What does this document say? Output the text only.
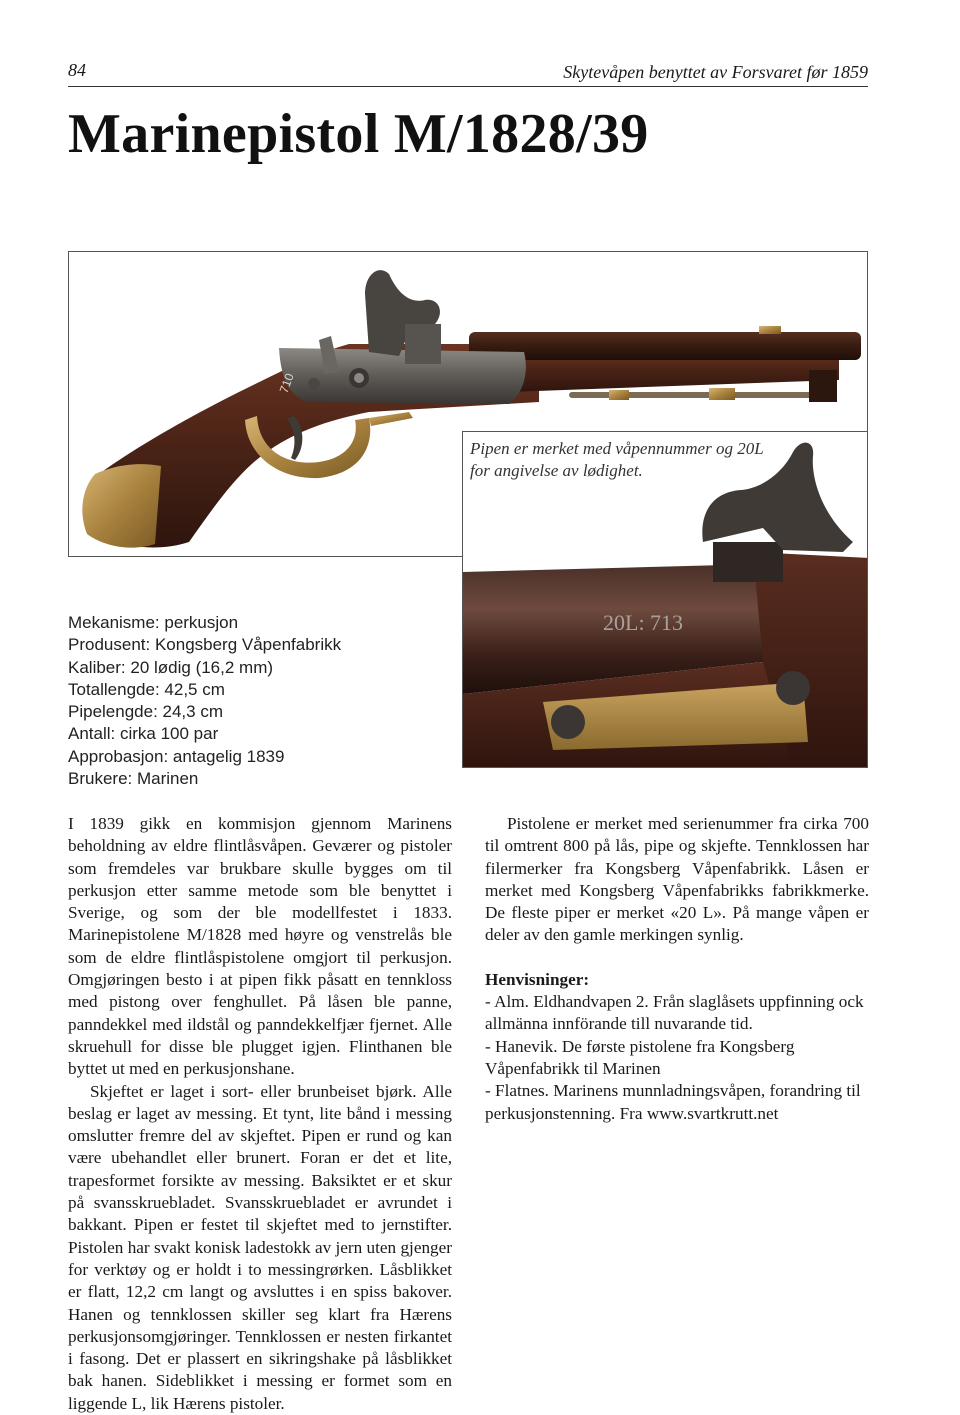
84	Skytevåpen benyttet av Forsvaret før 1859
Marinepistol M/1828/39
710
20L: 713
Pipen er merket med våpennummer og 20L for angivelse av lødighet.
Mekanisme: perkusjon
Produsent: Kongsberg Våpenfabrikk
Kaliber: 20 lødig (16,2 mm)
Totallengde: 42,5 cm
Pipelengde: 24,3 cm
Antall: cirka 100 par
Approbasjon: antagelig 1839
Brukere: Marinen

I 1839 gikk en kommisjon gjennom Marinens beholdning av eldre flintlåsvåpen. Geværer og pistoler som fremdeles var brukbare skulle bygges om til perkusjon etter samme metode som ble benyttet i Sverige, og som der ble modellfestet i 1833. Marinepistolene M/1828 med høyre og venstrelås ble som de eldre flintlåspistolene omgjort til perkusjon. Omgjøringen besto i at pipen fikk påsatt en tennkloss med pistong over fenghullet. På låsen ble panne, panndekkel med ildstål og panndekkelfjær fjernet. Alle skruehull for disse ble plugget igjen. Flinthanen ble byttet ut med en perkusjonshane.

Skjeftet er laget i sort- eller brunbeiset bjørk. Alle beslag er laget av messing. Et tynt, lite bånd i messing omslutter fremre del av skjeftet. Pipen er rund og kan være ubehandlet eller brunert. Foran er det et lite, trapesformet forsikte av messing. Baksiktet er et skur på svansskruebladet. Svansskruebladet er avrundet i bakkant. Pipen er festet til skjeftet med to jernstifter. Pistolen har svakt konisk ladestokk av jern uten gjenger for verktøy og er holdt i to messingrørken. Låsblikket er flatt, 12,2 cm langt og avsluttes i en spiss bakover. Hanen og tennklossen skiller seg klart fra Hærens perkusjonsomgjøringer. Tennklossen er nesten firkantet i fasong. Det er plassert en sikringshake på låsblikket bak hanen. Sideblikket i messing er formet som en liggende L, lik Hærens pistoler.

Pistolene er merket med serienummer fra cirka 700 til omtrent 800 på lås, pipe og skjefte. Tennklossen har filermerker fra Kongsberg Våpenfabrikk. Låsen er merket med Kongsberg Våpenfabrikks fabrikkmerke. De fleste piper er merket «20 L». På mange våpen er deler av den gamle merkingen synlig.

Henvisninger:

- Alm. Eldhandvapen 2. Från slaglåsets uppfinning ock allmänna innförande till nuvarande tid.
- Hanevik. De første pistolene fra Kongsberg Våpenfabrikk til Marinen
- Flatnes. Marinens munnladningsvåpen, forandring til perkusjonstenning. Fra www.svartkrutt.net
